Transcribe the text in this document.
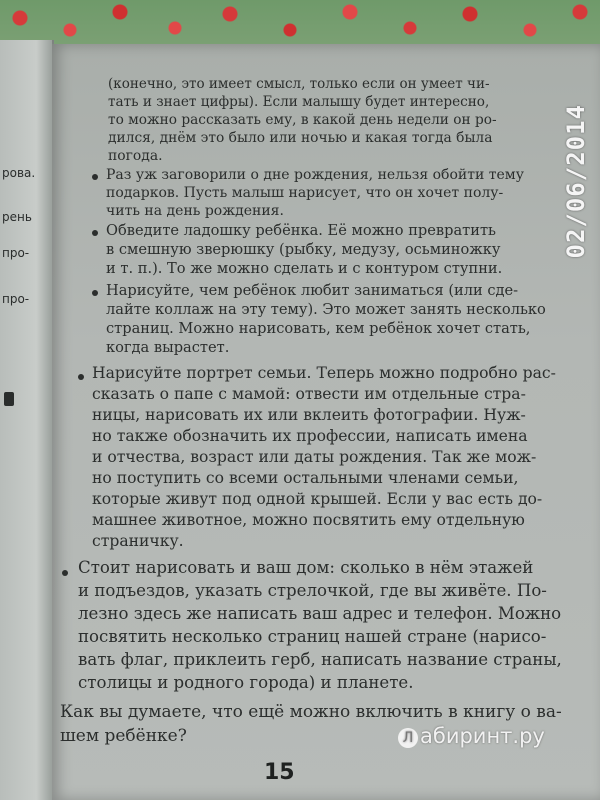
рова.
рень
про-
про-
(конечно, это имеет смысл, только если он умеет чи-
тать и знает цифры). Если малышу будет интересно,
то можно рассказать ему, в какой день недели он ро-
дился, днём это было или ночью и какая тогда была
погода.
Раз уж заговорили о дне рождения, нельзя обойти тему
подарков. Пусть малыш нарисует, что он хочет полу-
чить на день рождения.
Обведите ладошку ребёнка. Её можно превратить
в смешную зверюшку (рыбку, медузу, осьминожку
и т. п.). То же можно сделать и с контуром ступни.
Нарисуйте, чем ребёнок любит заниматься (или сде-
лайте коллаж на эту тему). Это может занять несколько
страниц. Можно нарисовать, кем ребёнок хочет стать,
когда вырастет.
Нарисуйте портрет семьи. Теперь можно подробно рас-
сказать о папе с мамой: отвести им отдельные стра-
ницы, нарисовать их или вклеить фотографии. Нуж-
но также обозначить их профессии, написать имена
и отчества, возраст или даты рождения. Так же мож-
но поступить со всеми остальными членами семьи,
которые живут под одной крышей. Если у вас есть до-
машнее животное, можно посвятить ему отдельную
страничку.
Стоит нарисовать и ваш дом: сколько в нём этажей
и подъездов, указать стрелочкой, где вы живёте. По-
лезно здесь же написать ваш адрес и телефон. Можно
посвятить несколько страниц нашей стране (нарисо-
вать флаг, приклеить герб, написать название страны,
столицы и родного города) и планете.
Как вы думаете, что ещё можно включить в книгу о ва-
шем ребёнке?
15
02/06/2014
Л абиринт.ру
